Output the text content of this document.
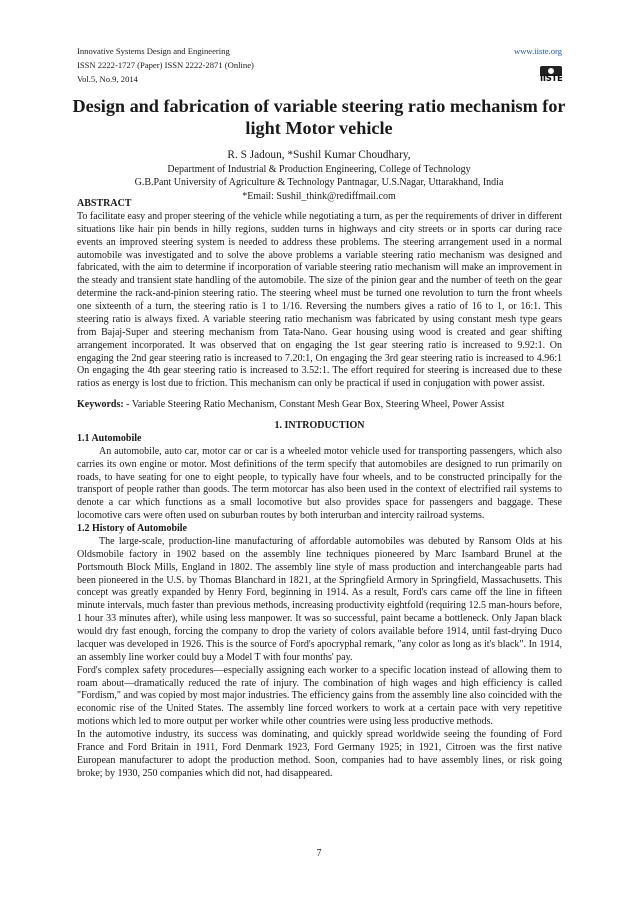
Innovative Systems Design and Engineering
ISSN 2222-1727 (Paper) ISSN 2222-2871 (Online)
Vol.5, No.9, 2014
www.iiste.org
IISTE
Design and fabrication of variable steering ratio mechanism for light Motor vehicle
R. S Jadoun, *Sushil Kumar Choudhary,
Department of Industrial & Production Engineering, College of Technology
G.B.Pant University of Agriculture & Technology Pantnagar, U.S.Nagar, Uttarakhand, India
*Email: Sushil_think@rediffmail.com

ABSTRACT

To facilitate easy and proper steering of the vehicle while negotiating a turn, as per the requirements of driver in different situations like hair pin bends in hilly regions, sudden turns in highways and city streets or in sports car during race events an improved steering system is needed to address these problems. The steering arrangement used in a normal automobile was investigated and to solve the above problems a variable steering ratio mechanism was designed and fabricated, with the aim to determine if incorporation of variable steering ratio mechanism will make an improvement in the steady and transient state handling of the automobile. The size of the pinion gear and the number of teeth on the gear determine the rack-and-pinion steering ratio. The steering wheel must be turned one revolution to turn the front wheels one sixteenth of a turn, the steering ratio is 1 to 1/16. Reversing the numbers gives a ratio of 16 to 1, or 16:1. This steering ratio is always fixed. A variable steering ratio mechanism was fabricated by using constant mesh type gears from Bajaj-Super and steering mechanism from Tata-Nano. Gear housing using wood is created and gear shifting arrangement incorporated. It was observed that on engaging the 1st gear steering ratio is increased to 9.92:1. On engaging the 2nd gear steering ratio is increased to 7.20:1, On engaging the 3rd gear steering ratio is increased to 4.96:1 On engaging the 4th gear steering ratio is increased to 3.52:1. The effort required for steering is increased due to these ratios as energy is lost due to friction. This mechanism can only be practical if used in conjugation with power assist.

Keywords: - Variable Steering Ratio Mechanism, Constant Mesh Gear Box, Steering Wheel, Power Assist

1. INTRODUCTION

1.1 Automobile

An automobile, auto car, motor car or car is a wheeled motor vehicle used for transporting passengers, which also carries its own engine or motor. Most definitions of the term specify that automobiles are designed to run primarily on roads, to have seating for one to eight people, to typically have four wheels, and to be constructed principally for the transport of people rather than goods. The term motorcar has also been used in the context of electrified rail systems to denote a car which functions as a small locomotive but also provides space for passengers and baggage. These locomotive cars were often used on suburban routes by both interurban and intercity railroad systems.

1.2 History of Automobile

The large-scale, production-line manufacturing of affordable automobiles was debuted by Ransom Olds at his Oldsmobile factory in 1902 based on the assembly line techniques pioneered by Marc Isambard Brunel at the Portsmouth Block Mills, England in 1802. The assembly line style of mass production and interchangeable parts had been pioneered in the U.S. by Thomas Blanchard in 1821, at the Springfield Armory in Springfield, Massachusetts. This concept was greatly expanded by Henry Ford, beginning in 1914. As a result, Ford's cars came off the line in fifteen minute intervals, much faster than previous methods, increasing productivity eightfold (requiring 12.5 man-hours before, 1 hour 33 minutes after), while using less manpower. It was so successful, paint became a bottleneck. Only Japan black would dry fast enough, forcing the company to drop the variety of colors available before 1914, until fast-drying Duco lacquer was developed in 1926. This is the source of Ford's apocryphal remark, "any color as long as it's black". In 1914, an assembly line worker could buy a Model T with four months' pay.

Ford's complex safety procedures—especially assigning each worker to a specific location instead of allowing them to roam about—dramatically reduced the rate of injury. The combination of high wages and high efficiency is called "Fordism," and was copied by most major industries. The efficiency gains from the assembly line also coincided with the economic rise of the United States. The assembly line forced workers to work at a certain pace with very repetitive motions which led to more output per worker while other countries were using less productive methods.

In the automotive industry, its success was dominating, and quickly spread worldwide seeing the founding of Ford France and Ford Britain in 1911, Ford Denmark 1923, Ford Germany 1925; in 1921, Citroen was the first native European manufacturer to adopt the production method. Soon, companies had to have assembly lines, or risk going broke; by 1930, 250 companies which did not, had disappeared.

7
